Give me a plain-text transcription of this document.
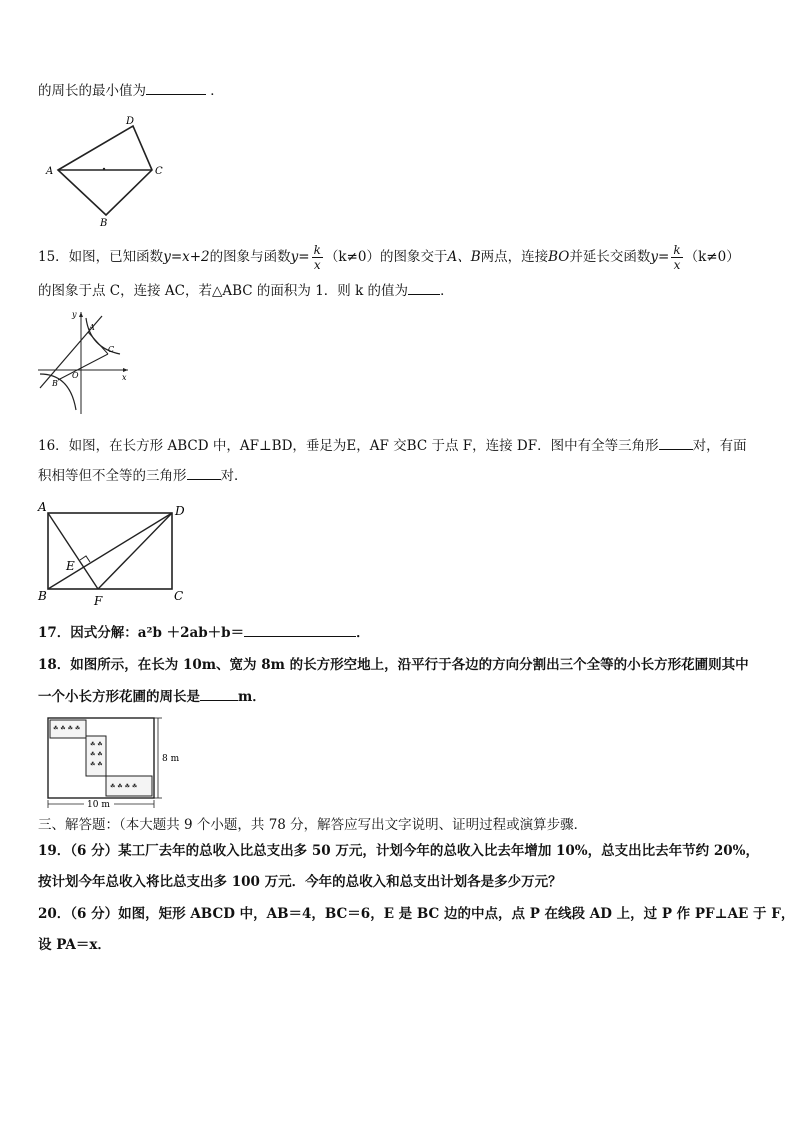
的周长的最小值为	．
D
A	C
B
15．如图，已知函数y=x+2的图象与函数$y= \frac{k}{x} (k\ne 0)$的图象交于A、B两点，连接BO并延长交函数$y= \frac{k}{x} (k\ne 0)$
的图象于点 C，连接 AC，若△ABC 的面积为 1．则 k 的值为 ．
y
A
C
O
B
x
16．如图，在长方形 ABCD 中，AF⊥BD，垂足为E，AF 交BC 于点 F，连接 DF．图中有全等三角形	对，有面
积相等但不全等的三角形	对．
A	D
E
B	F	C
17．因式分解：a²b ＋2ab＋b＝	．
18．如图所示，在长为 10m、宽为 8m 的长方形空地上，沿平行于各边的方向分割出三个全等的小长方形花圃则其中
一个小长方形花圃的周长是	m．
☘ ☘ ☘ ☘
☘ ☘
☘ ☘
☘ ☘
☘ ☘ ☘ ☘
8 m
10 m
三、解答题：（本大题共 9 个小题，共 78 分，解答应写出文字说明、证明过程或演算步骤．
19．（6 分）某工厂去年的总收入比总支出多 50 万元，计划今年的总收入比去年增加 10%，总支出比去年节约 20%，
按计划今年总收入将比总支出多 100 万元．今年的总收入和总支出计划各是多少万元？
20．（6 分）如图，矩形 ABCD 中，AB＝4，BC＝6，E 是 BC 边的中点，点 P 在线段 AD 上，过 P 作 PF⊥AE 于 F，
设 PA＝x．
